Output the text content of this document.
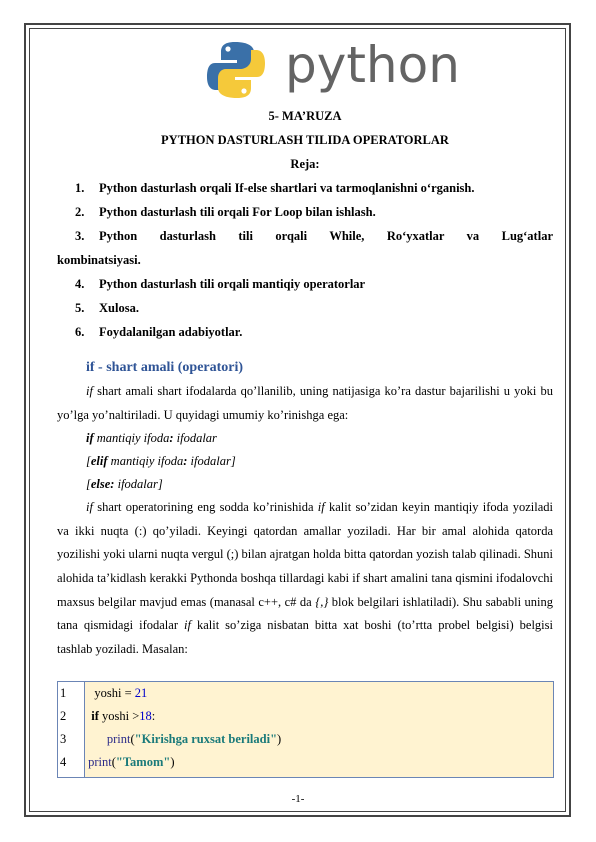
python
5- MA’RUZA
PYTHON DASTURLASH TILIDA OPERATORLAR
Reja:
1. Python dasturlash orqali If-else shartlari va tarmoqlanishni o‘rganish.
2. Python dasturlash tili orqali For Loop bilan ishlash.
3. Python dasturlash tili orqali While, Ro‘yxatlar va Lug‘atlar
kombinatsiyasi.
4. Python dasturlash tili orqali mantiqiy operatorlar
5. Xulosa.
6. Foydalanilgan adabiyotlar.
if - shart amali (operatori)

if shart amali shart ifodalarda qo’llanilib, uning natijasiga ko’ra dastur bajarilishi u yoki bu yo’lga yo’naltiriladi. U quyidagi umumiy ko’rinishga ega:

if mantiqiy ifoda: ifodalar
[elif mantiqiy ifoda: ifodalar]
[else: ifodalar]

if shart operatorining eng sodda ko’rinishida if kalit so’zidan keyin mantiqiy ifoda yoziladi va ikki nuqta (:) qo’yiladi. Keyingi qatordan amallar yoziladi. Har bir amal alohida qatorda yozilishi yoki ularni nuqta vergul (;) bilan ajratgan holda bitta qatordan yozish talab qilinadi. Shuni alohida ta’kidlash kerakki Pythonda boshqa tillardagi kabi if shart amalini tana qismini ifodalovchi maxsus belgilar mavjud emas (manasal c++, c# da {,} blok belgilari ishlatiladi). Shu sababli uning tana qismidagi ifodalar if kalit so’ziga nisbatan bitta xat boshi (to’rtta probel belgisi) belgisi tashlab yoziladi. Masalan:

1
2
3
4
yoshi = 21
if yoshi >18:
print("Kirishga ruxsat beriladi")
print("Tamom")
-1-
